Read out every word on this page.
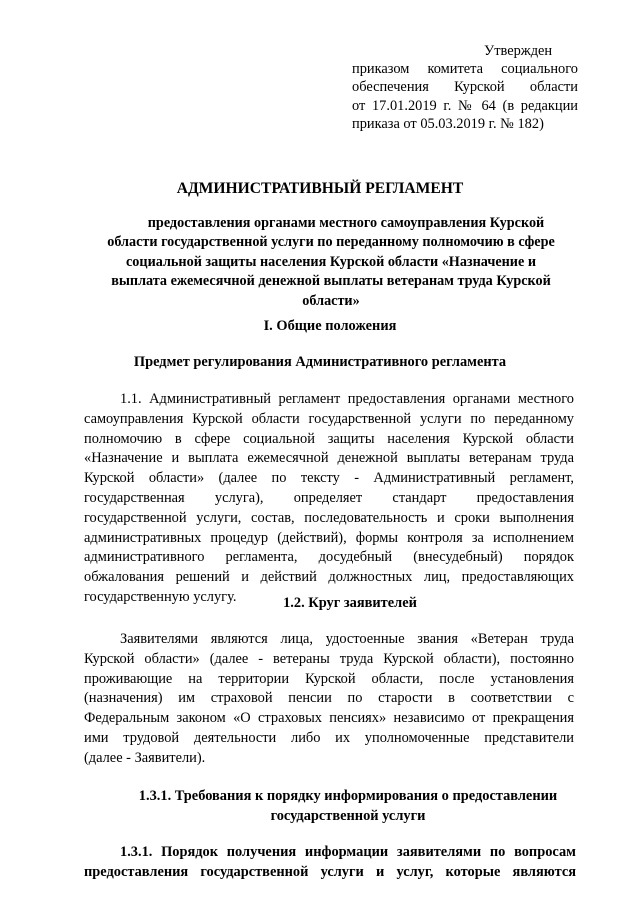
Утвержден
приказом комитета социального
обеспечения Курской области
от 17.01.2019 г. № 64 (в редакции
приказа от 05.03.2019 г. № 182)
АДМИНИСТРАТИВНЫЙ РЕГЛАМЕНТ
предоставления органами местного самоуправления Курской
области государственной услуги по переданному полномочию в сфере
социальной защиты населения Курской области «Назначение и
выплата ежемесячной денежной выплаты ветеранам труда Курской
области»
I. Общие положения
Предмет регулирования Административного регламента
1.1. Административный регламент предоставления органами местного
самоуправления Курской области государственной услуги по переданному
полномочию в сфере социальной защиты населения Курской области
«Назначение и выплата ежемесячной денежной выплаты ветеранам труда
Курской области» (далее по тексту - Административный регламент,
государственная услуга), определяет стандарт предоставления
государственной услуги, состав, последовательность и сроки выполнения
административных процедур (действий), формы контроля за исполнением
административного регламента, досудебный (внесудебный) порядок
обжалования решений и действий должностных лиц, предоставляющих
государственную услугу.	1.2. Круг заявителей
Заявителями являются лица, удостоенные звания «Ветеран труда
Курской области» (далее - ветераны труда Курской области), постоянно
проживающие на территории Курской области, после установления
(назначения) им страховой пенсии по старости в соответствии с
Федеральным законом «О страховых пенсиях» независимо от прекращения
ими трудовой деятельности либо их уполномоченные представители
(далее - Заявители).
1.3.1. Требования к порядку информирования о предоставлении
государственной услуги
1.3.1. Порядок получения информации заявителями по вопросам
предоставления государственной услуги и услуг, которые являются
